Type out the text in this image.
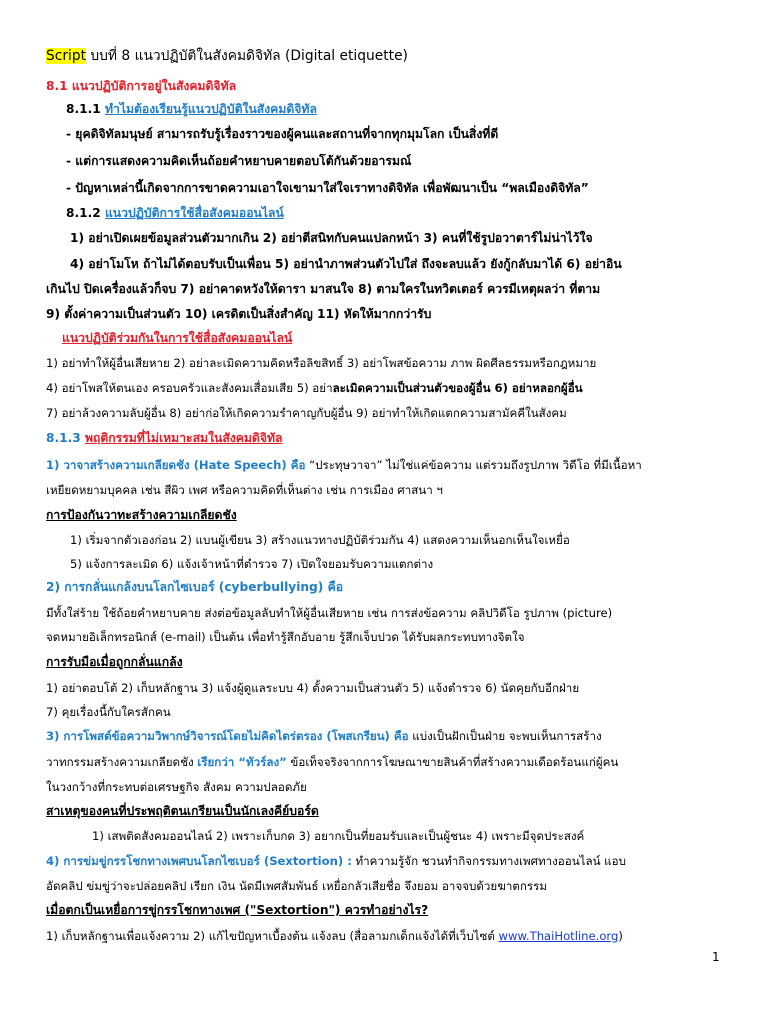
Script บบที่ 8 แนวปฏิบัติในสังคมดิจิทัล (Digital etiquette)
8.1 แนวปฏิบัติการอยู่ในสังคมดิจิทัล
8.1.1 ทำไมต้องเรียนรู้แนวปฏิบัติในสังคมดิจิทัล
- ยุคดิจิทัลมนุษย์ สามารถรับรู้เรื่องราวของผู้คนและสถานที่จากทุกมุมโลก เป็นสิ่งที่ดี
- แต่การแสดงความคิดเห็นถ้อยคำหยาบคายตอบโต้กันด้วยอารมณ์
- ปัญหาเหล่านี้เกิดจากการขาดความเอาใจเขามาใส่ใจเราทางดิจิทัล เพื่อพัฒนาเป็น “พลเมืองดิจิทัล”
8.1.2 แนวปฏิบัติการใช้สื่อสังคมออนไลน์
1) อย่าเปิดเผยข้อมูลส่วนตัวมากเกิน 2) อย่าตีสนิทกับคนแปลกหน้า 3) คนที่ใช้รูปอวาตาร์ไม่น่าไว้ใจ
4) อย่าโมโห ถ้าไม่ได้ตอบรับเป็นเพื่อน 5) อย่านำภาพส่วนตัวไปใส่ ถึงจะลบแล้ว ยังกู้กลับมาได้ 6) อย่าอิน
เกินไป ปิดเครื่องแล้วก็จบ 7) อย่าคาดหวังให้ดารา มาสนใจ 8) ตามใครในทวิตเตอร์ ควรมีเหตุผลว่า ที่ตาม
9) ตั้งค่าความเป็นส่วนตัว 10) เครดิตเป็นสิ่งสำคัญ 11) หัดให้มากกว่ารับ
แนวปฏิบัติร่วมกันในการใช้สื่อสังคมออนไลน์
1) อย่าทำให้ผู้อื่นเสียหาย 2) อย่าละเมิดความคิดหรือลิขสิทธิ์ 3) อย่าโพสข้อความ ภาพ ผิดศีลธรรมหรือกฎหมาย
4) อย่าโพสให้ตนเอง ครอบครัวและสังคมเสื่อมเสีย 5) อย่าละเมิดความเป็นส่วนตัวของผู้อื่น 6) อย่าหลอกผู้อื่น
7) อย่าล้วงความลับผู้อื่น 8) อย่าก่อให้เกิดความรำคาญกับผู้อื่น 9) อย่าทำให้เกิดแตกความสามัคคีในสังคม
8.1.3 พฤติกรรมที่ไม่เหมาะสมในสังคมดิจิทัล
1) วาจาสร้างความเกลียดชัง (Hate Speech) คือ “ประทุษวาจา” ไม่ใช่แค่ข้อความ แต่รวมถึงรูปภาพ วิดีโอ ที่มีเนื้อหา
เหยียดหยามบุคคล เช่น สีผิว เพศ หรือความคิดที่เห็นต่าง เช่น การเมือง ศาสนา ฯ
การป้องกันวาทะสร้างความเกลียดชัง
1) เริ่มจากตัวเองก่อน 2) แบนผู้เขียน 3) สร้างแนวทางปฏิบัติร่วมกัน 4) แสดงความเห็นอกเห็นใจเหยื่อ
5) แจ้งการละเมิด 6) แจ้งเจ้าหน้าที่ตำรวจ 7) เปิดใจยอมรับความแตกต่าง
2) การกลั่นแกล้งบนโลกไซเบอร์ (cyberbullying) คือ
มีทั้งใส่ร้าย ใช้ถ้อยคำหยาบคาย ส่งต่อข้อมูลลับทำให้ผู้อื่นเสียหาย เช่น การส่งข้อความ คลิปวิดีโอ รูปภาพ (picture)
จดหมายอิเล็กทรอนิกส์ (e-mail) เป็นต้น เพื่อทำรู้สึกอับอาย รู้สึกเจ็บปวด ได้รับผลกระทบทางจิตใจ
การรับมือเมื่อถูกกลั่นแกล้ง
1) อย่าตอบโต้ 2) เก็บหลักฐาน 3) แจ้งผู้ดูแลระบบ 4) ตั้งความเป็นส่วนตัว 5) แจ้งตำรวจ 6) นัดคุยกับอีกฝ่าย
7) คุยเรื่องนี้กับใครสักคน
3) การโพสต์ข้อความวิพากษ์วิจารณ์โดยไม่คิดไตร่ตรอง (โพสเกรียน) คือ แบ่งเป็นฝักเป็นฝ่าย จะพบเห็นการสร้าง
วาทกรรมสร้างความเกลียดชัง เรียกว่า “ทัวร์ลง” ข้อเท็จจริงจากการโฆษณาขายสินค้าที่สร้างความเดือดร้อนแก่ผู้คน
ในวงกว้างที่กระทบต่อเศรษฐกิจ สังคม ความปลอดภัย
สาเหตุของคนที่ประพฤติตนเกรียนเป็นนักเลงคีย์บอร์ด
1) เสพติดสังคมออนไลน์ 2) เพราะเก็บกด 3) อยากเป็นที่ยอมรับและเป็นผู้ชนะ 4) เพราะมีจุดประสงค์
4) การข่มขู่กรรโชกทางเพศบนโลกไซเบอร์ (Sextortion) : ทำความรู้จัก ชวนทำกิจกรรมทางเพศทางออนไลน์ แอบ
อัดคลิป ข่มขู่ว่าจะปล่อยคลิป เรียก เงิน นัดมีเพศสัมพันธ์ เหยื่อกลัวเสียชื่อ จึงยอม อาจจบด้วยฆาตกรรม
เมื่อตกเป็นเหยื่อการขู่กรรโชกทางเพศ ("Sextortion") ควรทำอย่างไร?
1) เก็บหลักฐานเพื่อแจ้งความ 2) แก้ไขปัญหาเบื้องต้น แจ้งลบ (สื่อลามกเด็กแจ้งได้ที่เว็บไซต์ www.ThaiHotline.org)
1
